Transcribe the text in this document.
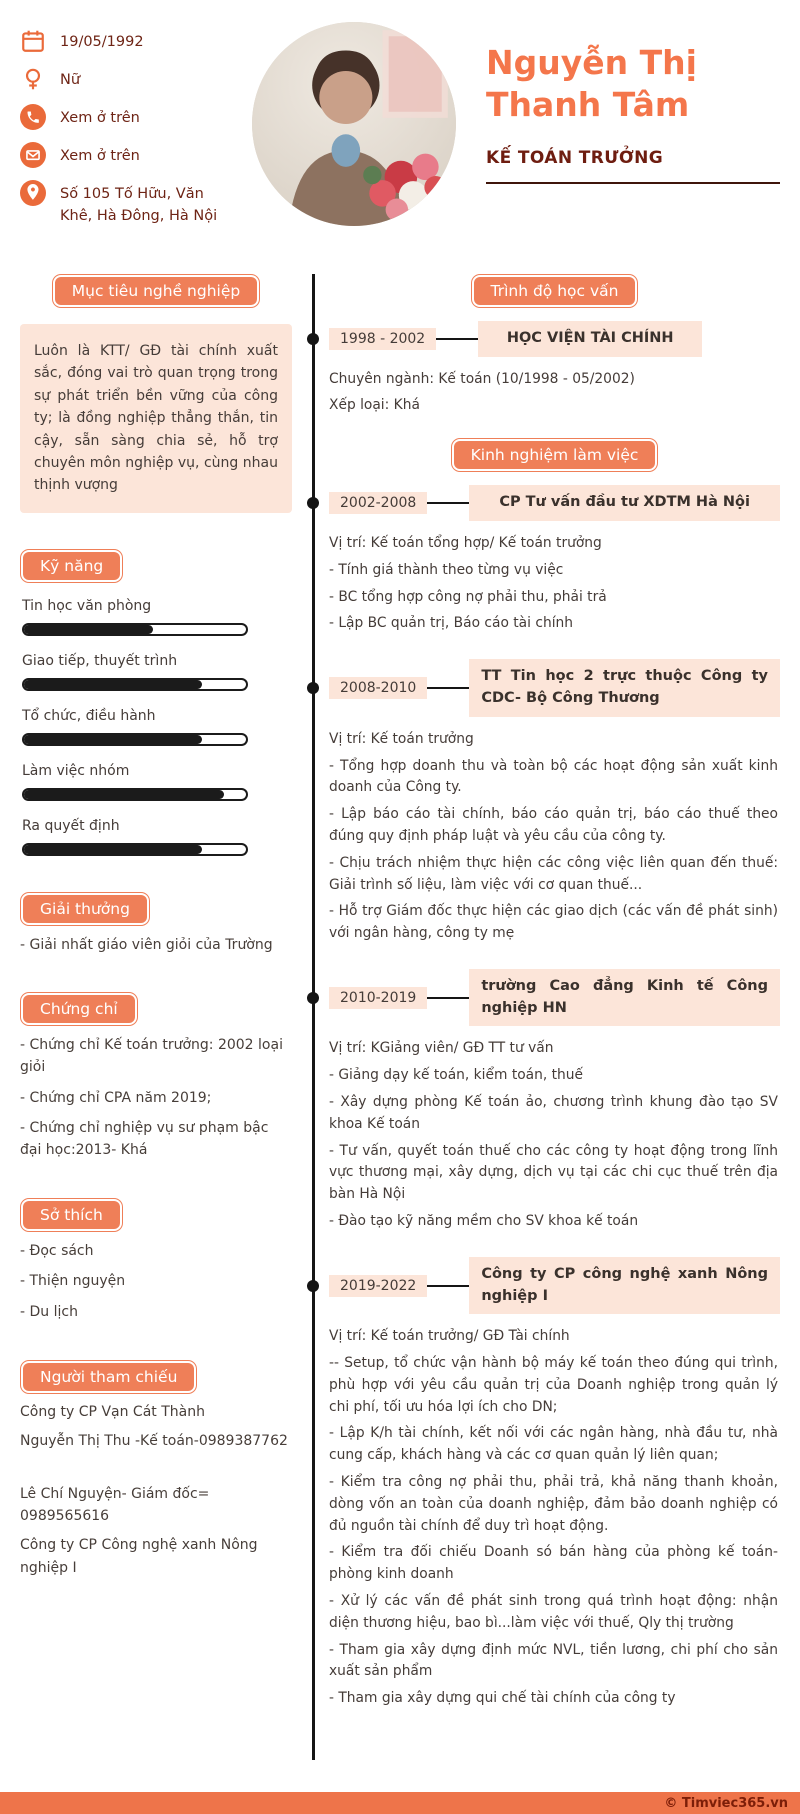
19/05/1992
Nữ
Xem ở trên
Xem ở trên
Số 105 Tố Hữu, Văn Khê, Hà Đông, Hà Nội
Nguyễn Thị
Thanh Tâm
KẾ TOÁN TRƯỞNG
Mục tiêu nghề nghiệp
Luôn là KTT/ GĐ tài chính xuất sắc, đóng vai trò quan trọng trong sự phát triển bền vững của công ty; là đồng nghiệp thẳng thắn, tin cậy, sẵn sàng chia sẻ, hỗ trợ chuyên môn nghiệp vụ, cùng nhau thịnh vượng
Kỹ năng
Tin học văn phòng
Giao tiếp, thuyết trình
Tổ chức, điều hành
Làm việc nhóm
Ra quyết định
Giải thưởng

- Giải nhất giáo viên giỏi của Trường

Chứng chỉ

- Chứng chỉ Kế toán trưởng: 2002 loại giỏi

- Chứng chỉ CPA năm 2019;

- Chứng chỉ nghiệp vụ sư phạm bậc đại học:2013- Khá

Sở thích

- Đọc sách

- Thiện nguyện

- Du lịch

Người tham chiếu

Công ty CP Vạn Cát Thành

Nguyễn Thị Thu -Kế toán-0989387762

Lê Chí Nguyện- Giám đốc= 0989565616

Công ty CP Công nghệ xanh Nông nghiệp I

Trình độ học vấn
1998 - 2002	HỌC VIỆN TÀI CHÍNH

Chuyên ngành: Kế toán (10/1998 - 05/2002)

Xếp loại: Khá

Kinh nghiệm làm việc
2002-2008	CP Tư vấn đầu tư XDTM Hà Nội

Vị trí: Kế toán tổng hợp/ Kế toán trưởng

- Tính giá thành theo từng vụ việc

- BC tổng hợp công nợ phải thu, phải trả

- Lập BC quản trị, Báo cáo tài chính

2008-2010
TT Tin học 2 trực thuộc Công ty CDC- Bộ Công Thương

Vị trí: Kế toán trưởng

- Tổng hợp doanh thu và toàn bộ các hoạt động sản xuất kinh doanh của Công ty.

- Lập báo cáo tài chính, báo cáo quản trị, báo cáo thuế theo đúng quy định pháp luật và yêu cầu của công ty.

- Chịu trách nhiệm thực hiện các công việc liên quan đến thuế: Giải trình số liệu, làm việc với cơ quan thuế...

- Hỗ trợ Giám đốc thực hiện các giao dịch (các vấn đề phát sinh) với ngân hàng, công ty mẹ

2010-2019
trường Cao đẳng Kinh tế Công nghiệp HN

Vị trí: KGiảng viên/ GĐ TT tư vấn

- Giảng dạy kế toán, kiểm toán, thuế

- Xây dựng phòng Kế toán ảo, chương trình khung đào tạo SV khoa Kế toán

- Tư vấn, quyết toán thuế cho các công ty hoạt động trong lĩnh vực thương mại, xây dựng, dịch vụ tại các chi cục thuế trên địa bàn Hà Nội

- Đào tạo kỹ năng mềm cho SV khoa kế toán

2019-2022
Công ty CP công nghệ xanh Nông nghiệp I

Vị trí: Kế toán trưởng/ GĐ Tài chính

-- Setup, tổ chức vận hành bộ máy kế toán theo đúng qui trình, phù hợp với yêu cầu quản trị của Doanh nghiệp trong quản lý chi phí, tối ưu hóa lợi ích cho DN;

- Lập K/h tài chính, kết nối với các ngân hàng, nhà đầu tư, nhà cung cấp, khách hàng và các cơ quan quản lý liên quan;

- Kiểm tra công nợ phải thu, phải trả, khả năng thanh khoản, dòng vốn an toàn của doanh nghiệp, đảm bảo doanh nghiệp có đủ nguồn tài chính để duy trì hoạt động.

- Kiểm tra đối chiếu Doanh só bán hàng của phòng kế toán- phòng kinh doanh

- Xử lý các vấn đề phát sinh trong quá trình hoạt động: nhận diện thương hiệu, bao bì...làm việc với thuế, Qly thị trường

- Tham gia xây dựng định mức NVL, tiền lương, chi phí cho sản xuất sản phẩm

- Tham gia xây dựng qui chế tài chính của công ty

© Timviec365.vn
